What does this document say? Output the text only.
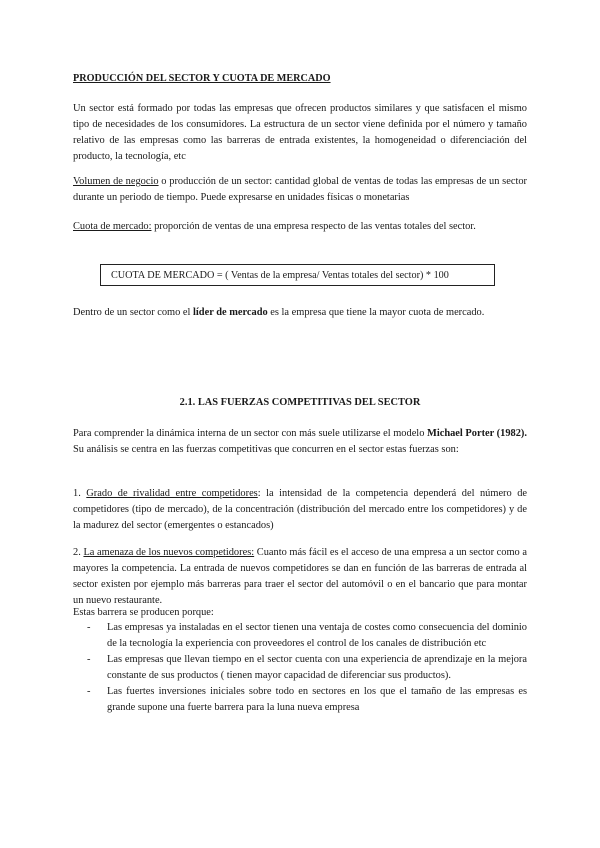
PRODUCCIÓN DEL SECTOR Y CUOTA DE MERCADO

Un sector está formado por todas las empresas que ofrecen productos similares y que satisfacen el mismo tipo de necesidades de los consumidores. La estructura de un sector viene definida por el número y tamaño relativo de las empresas como las barreras de entrada existentes, la homogeneidad o diferenciación del producto, la tecnología, etc

Volumen de negocio o producción de un sector: cantidad global de ventas de todas las empresas de un sector durante un periodo de tiempo. Puede expresarse en unidades físicas o monetarias

Cuota de mercado: proporción de ventas de una empresa respecto de las ventas totales del sector.

CUOTA DE MERCADO = ( Ventas de la empresa/ Ventas totales del sector) * 100

Dentro de un sector como el líder de mercado es la empresa que tiene la mayor cuota de mercado.

2.1. LAS FUERZAS COMPETITIVAS DEL SECTOR

Para comprender la dinámica interna de un sector con más suele utilizarse el modelo Michael Porter (1982). Su análisis se centra en las fuerzas competitivas que concurren en el sector estas fuerzas son:

1. Grado de rivalidad entre competidores: la intensidad de la competencia dependerá del número de competidores (tipo de mercado), de la concentración (distribución del mercado entre los competidores) y de la madurez del sector (emergentes o estancados)

2. La amenaza de los nuevos competidores: Cuanto más fácil es el acceso de una empresa a un sector como a mayores la competencia. La entrada de nuevos competidores se dan en función de las barreras de entrada al sector existen por ejemplo más barreras para traer el sector del automóvil o en el bancario que para montar un nuevo restaurante.

Estas barrera se producen porque:

- Las empresas ya instaladas en el sector tienen una ventaja de costes como consecuencia del dominio de la tecnología la experiencia con proveedores el control de los canales de distribución etc
- Las empresas que llevan tiempo en el sector cuenta con una experiencia de aprendizaje en la mejora constante de sus productos ( tienen mayor capacidad de diferenciar sus productos).
- Las fuertes inversiones iniciales sobre todo en sectores en los que el tamaño de las empresas es grande supone una fuerte barrera para la luna nueva empresa
